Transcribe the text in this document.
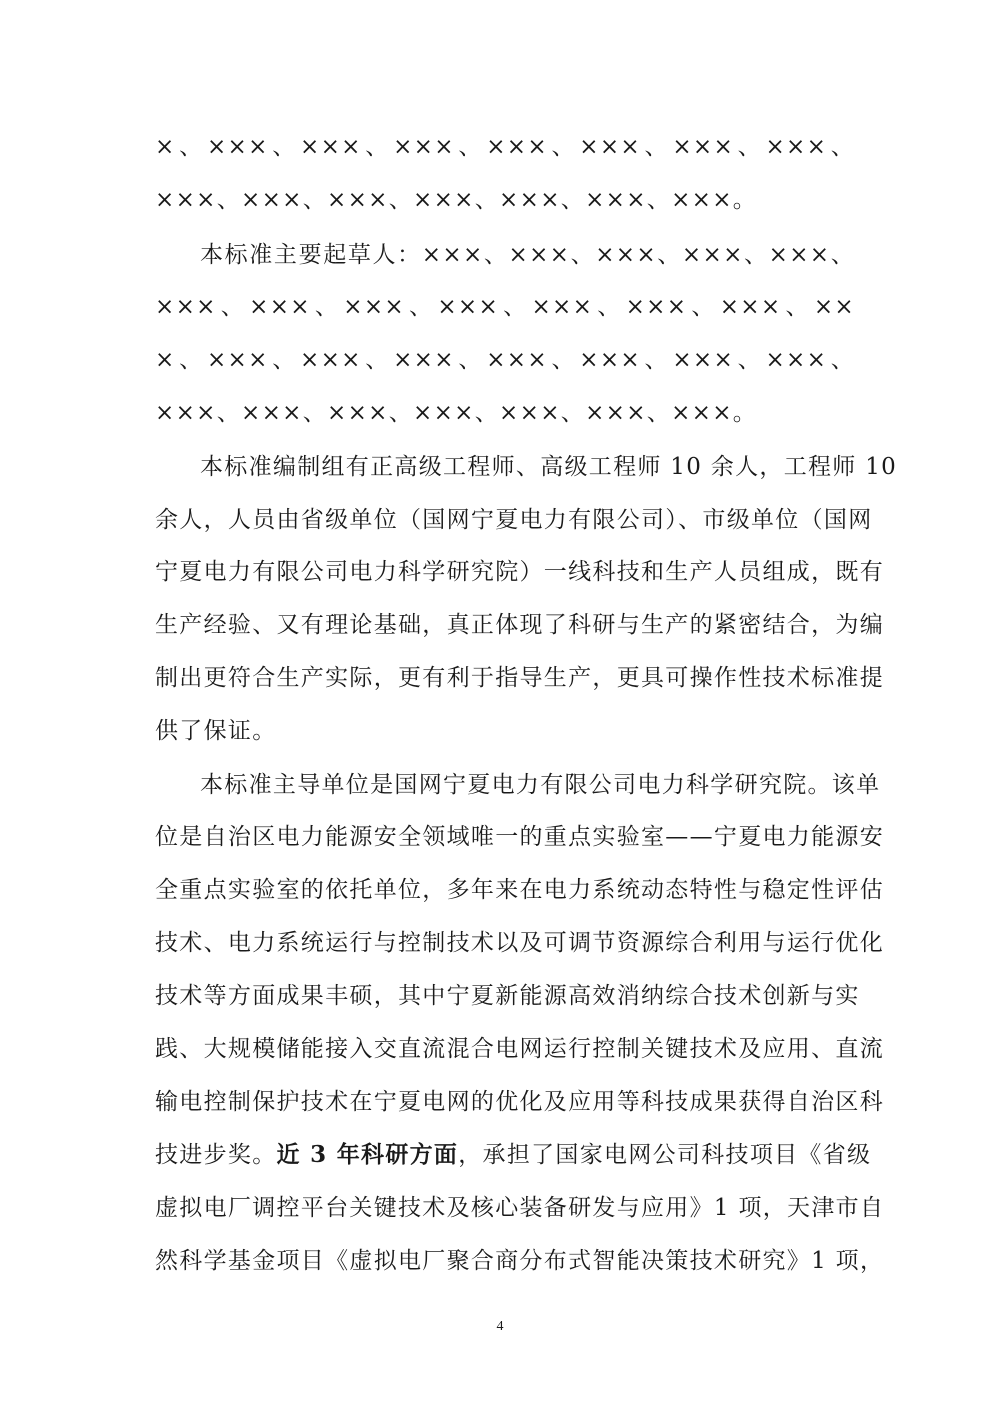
×、×××、×××、×××、×××、×××、×××、×××、
×××、×××、×××、×××、×××、×××、×××。
本标准主要起草人：×××、×××、×××、×××、×××、
×××、×××、×××、×××、×××、×××、×××、××
×、×××、×××、×××、×××、×××、×××、×××、
×××、×××、×××、×××、×××、×××、×××。
本标准编制组有正高级工程师、高级工程师 10 余人，工程师 10
余人，人员由省级单位（国网宁夏电力有限公司）、市级单位（国网
宁夏电力有限公司电力科学研究院）一线科技和生产人员组成，既有
生产经验、又有理论基础，真正体现了科研与生产的紧密结合，为编
制出更符合生产实际，更有利于指导生产，更具可操作性技术标准提
供了保证。
本标准主导单位是国网宁夏电力有限公司电力科学研究院。该单
位是自治区电力能源安全领域唯一的重点实验室——宁夏电力能源安
全重点实验室的依托单位，多年来在电力系统动态特性与稳定性评估
技术、电力系统运行与控制技术以及可调节资源综合利用与运行优化
技术等方面成果丰硕，其中宁夏新能源高效消纳综合技术创新与实
践、大规模储能接入交直流混合电网运行控制关键技术及应用、直流
输电控制保护技术在宁夏电网的优化及应用等科技成果获得自治区科
技进步奖。近 3 年科研方面，承担了国家电网公司科技项目《省级
虚拟电厂调控平台关键技术及核心装备研发与应用》1 项，天津市自
然科学基金项目《虚拟电厂聚合商分布式智能决策技术研究》1 项，
4
